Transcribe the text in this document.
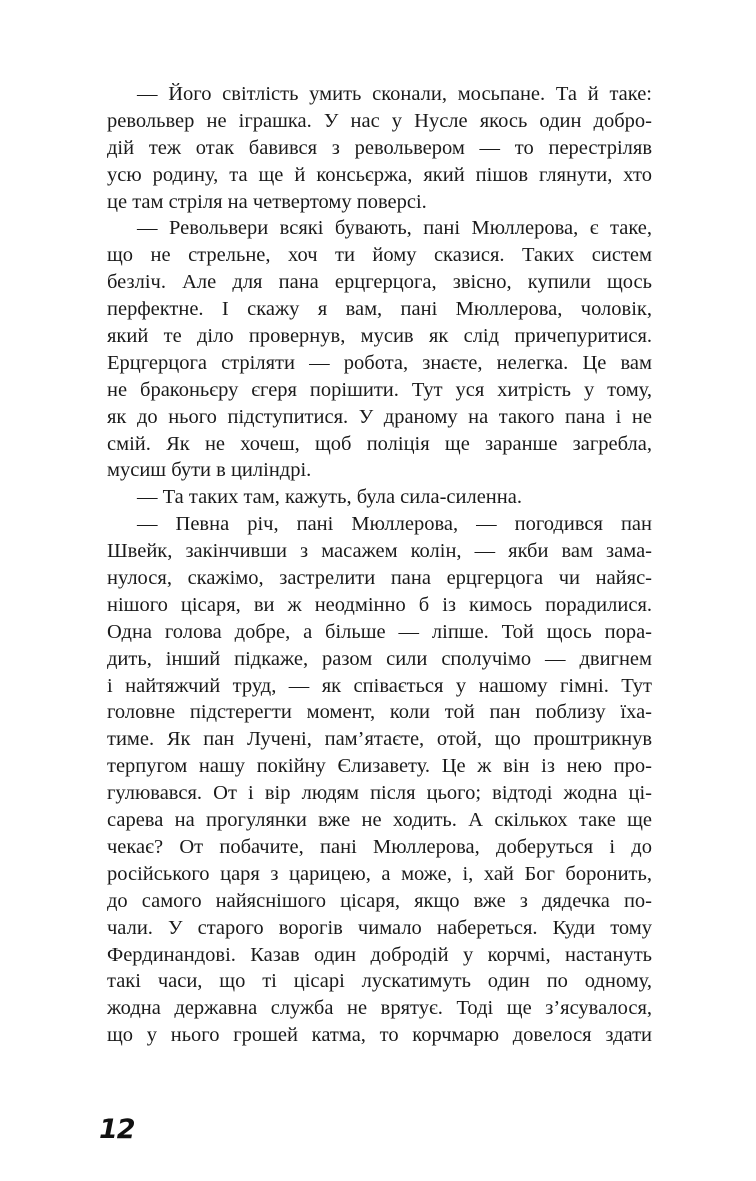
— Його світлість умить сконали, мосьпане. Та й таке:
револьвер не іграшка. У нас у Нусле якось один добро-
дій теж отак бавився з револьвером — то перестріляв
усю родину, та ще й консьєржа, який пішов глянути, хто
це там стріля на четвертому поверсі.
— Револьвери всякі бувають, пані Мюллерова, є таке,
що не стрельне, хоч ти йому сказися. Таких систем
безліч. Але для пана ерцгерцога, звісно, купили щось
перфектне. І скажу я вам, пані Мюллерова, чоловік,
який те діло провернув, мусив як слід причепуритися.
Ерцгерцога стріляти — робота, знаєте, нелегка. Це вам
не браконьєру єгеря порішити. Тут уся хитрість у тому,
як до нього підступитися. У драному на такого пана і не
смій. Як не хочеш, щоб поліція ще заранше загребла,
мусиш бути в циліндрі.
— Та таких там, кажуть, була сила-силенна.
— Певна річ, пані Мюллерова, — погодився пан
Швейк, закінчивши з масажем колін, — якби вам зама-
нулося, скажімо, застрелити пана ерцгерцога чи найяс-
нішого цісаря, ви ж неодмінно б із кимось порадилися.
Одна голова добре, а більше — ліпше. Той щось пора-
дить, інший підкаже, разом сили сполучімо — двигнем
і найтяжчий труд, — як співається у нашому гімні. Тут
головне підстерегти момент, коли той пан поблизу їха-
тиме. Як пан Лучені, пам’ятаєте, отой, що проштрикнув
терпугом нашу покійну Єлизавету. Це ж він із нею про-
гулювався. От і вір людям після цього; відтоді жодна ці-
сарева на прогулянки вже не ходить. А скількох таке ще
чекає? От побачите, пані Мюллерова, доберуться і до
російського царя з царицею, а може, і, хай Бог боронить,
до самого найяснішого цісаря, якщо вже з дядечка по-
чали. У старого ворогів чимало набереться. Куди тому
Фердинандові. Казав один добродій у корчмі, настануть
такі часи, що ті цісарі лускатимуть один по одному,
жодна державна служба не врятує. Тоді ще з’ясувалося,
що у нього грошей катма, то корчмарю довелося здати
12
